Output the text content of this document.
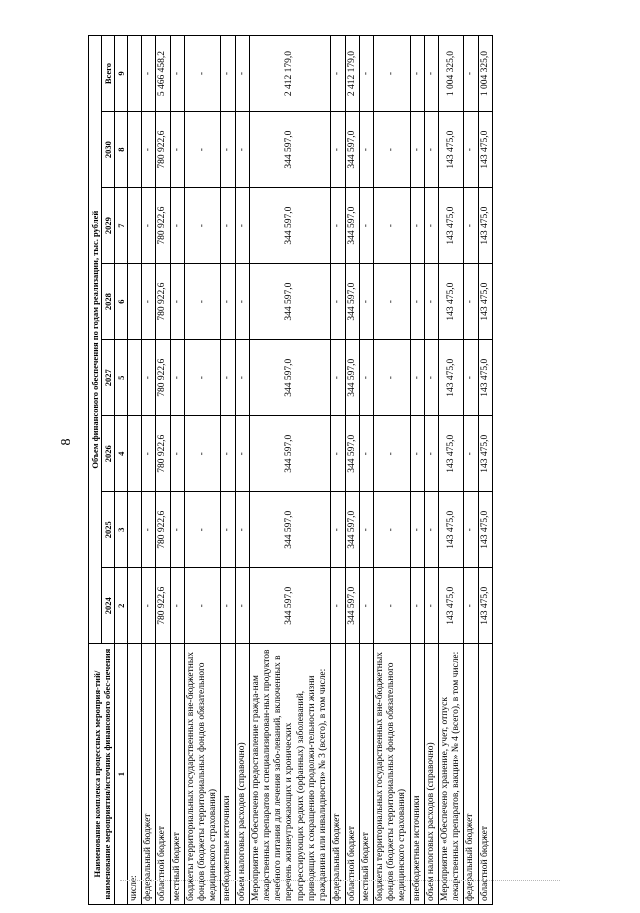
8
Наименование комплекса процессных мероприя-тий/наименование мероприятия/источник финансового обес-печения	Объем финансового обеспечения по годам реализации, тыс. рублей							
	2024	2025	2026	2027	2028	2029	2030	Всего
1	2	3	4	5	6	7	8	9
числе:								
федеральный бюджет	-	-	-	-	-	-	-	-
областной бюджет	780 922,6	780 922,6	780 922,6	780 922,6	780 922,6	780 922,6	780 922,6	5 466 458,2
местный бюджет	-	-	-	-	-	-	-	-
бюджеты территориальных государственных вне-бюджетных фондов (бюджеты территориальных фондов обязательного медицинского страхования)	-	-	-	-	-	-	-	-
внебюджетные источники	-	-	-	-	-	-	-	-
объем налоговых расходов (справочно)	-	-	-	-	-	-	-	-
Мероприятие «Обеспечено предоставление гражда-нам лекарственных препаратов и специализирован-ных продуктов лечебного питания для лечения забо-леваний, включенных в перечень жизнеугрожающих и хронических прогрессирующих редких (орфанных) заболеваний, приводящих к сокращению продолжи-тельности жизни гражданина или инвалидности» № 3 (всего), в том числе:	344 597,0	344 597,0	344 597,0	344 597,0	344 597,0	344 597,0	344 597,0	2 412 179,0
федеральный бюджет	-	-	-	-	-	-	-	-
областной бюджет	344 597,0	344 597,0	344 597,0	344 597,0	344 597,0	344 597,0	344 597,0	2 412 179,0
местный бюджет	-	-	-	-	-	-	-	-
бюджеты территориальных государственных вне-бюджетных фондов (бюджеты территориальных фондов обязательного медицинского страхования)	-	-	-	-	-	-	-	-
внебюджетные источники	-	-	-	-	-	-	-	-
объем налоговых расходов (справочно)	-	-	-	-	-	-	-	-
Мероприятие «Обеспечено хранение, учет, отпуск лекарственных препаратов, вакцин» № 4 (всего), в том числе:	143 475,0	143 475,0	143 475,0	143 475,0	143 475,0	143 475,0	143 475,0	1 004 325,0
федеральный бюджет	-	-	-	-	-	-	-	-
областной бюджет	143 475,0	143 475,0	143 475,0	143 475,0	143 475,0	143 475,0	143 475,0	1 004 325,0
